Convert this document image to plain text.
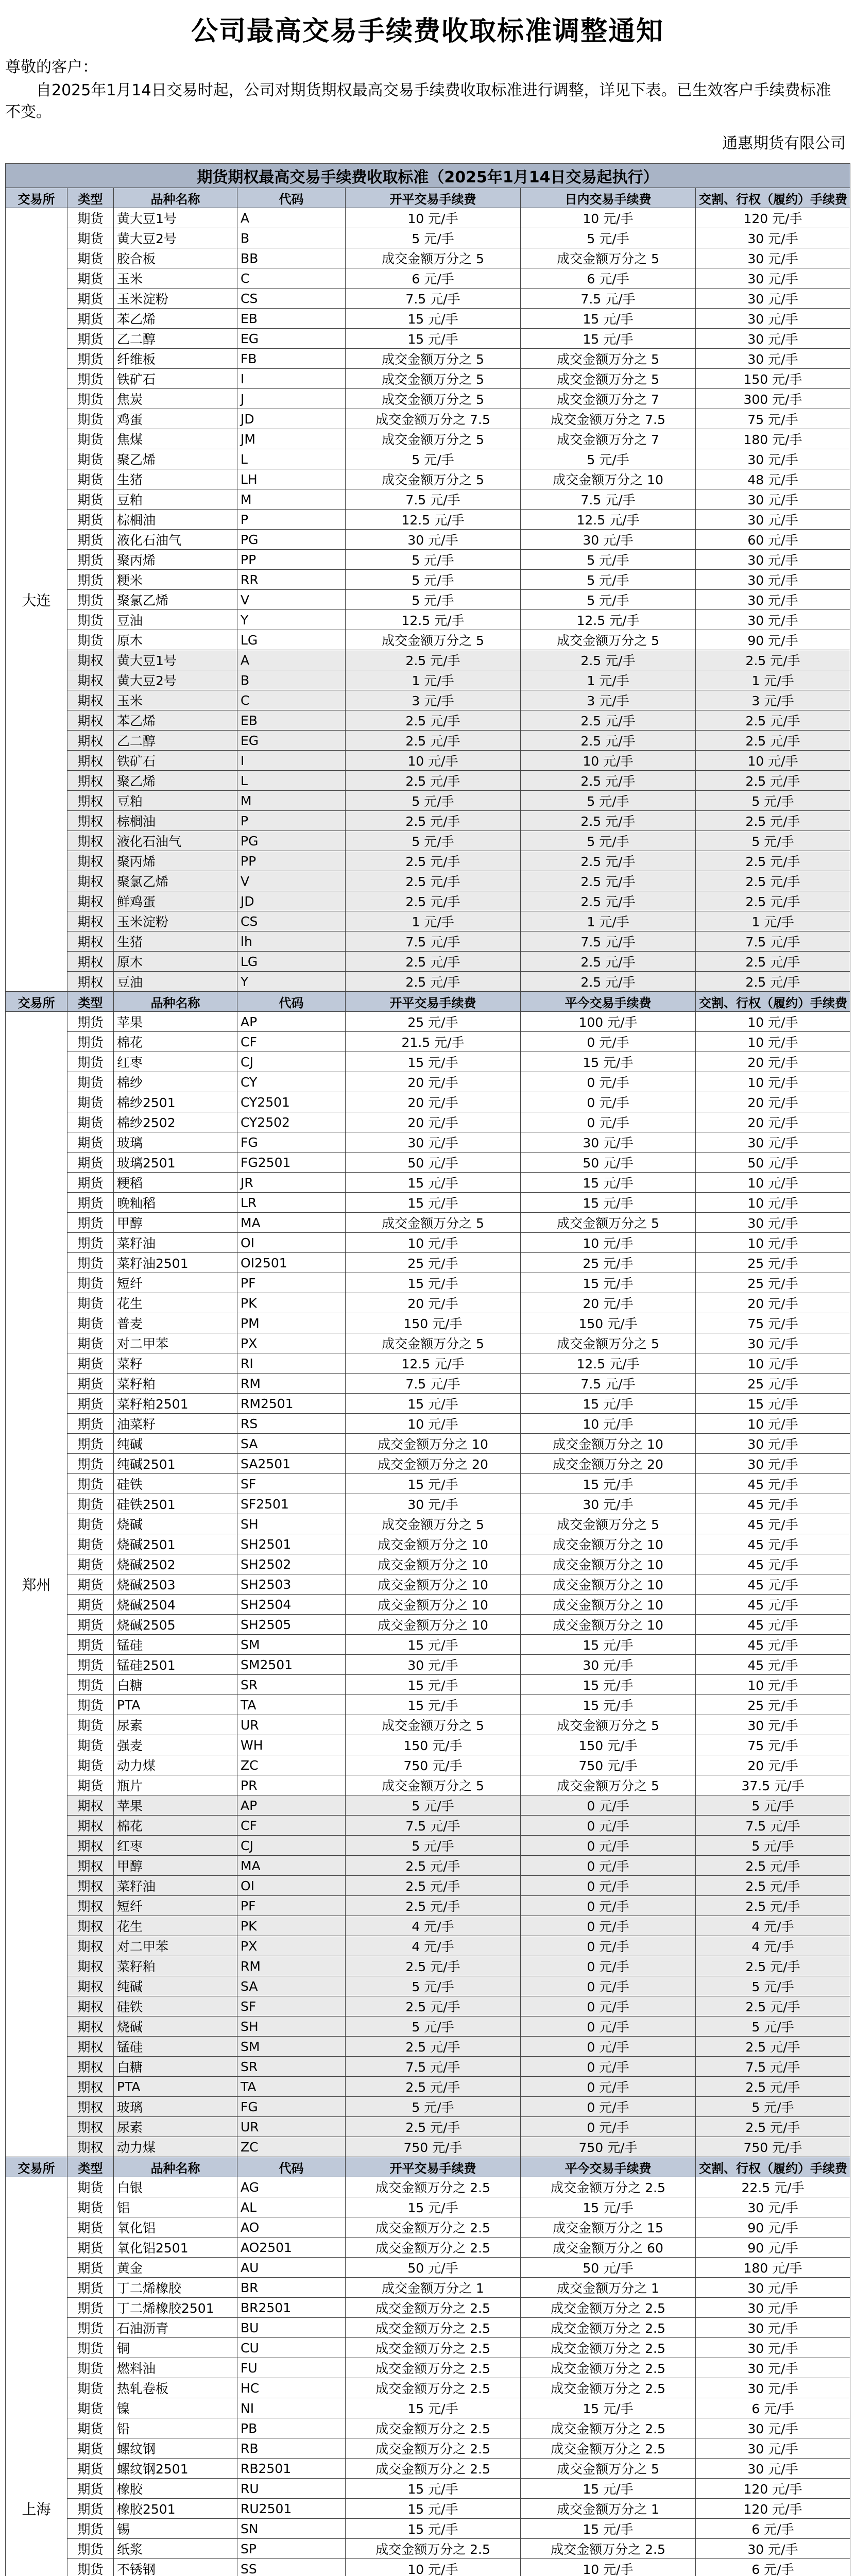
公司最高交易手续费收取标准调整通知
尊敬的客户：
自2025年1月14日交易时起，公司对期货期权最高交易手续费收取标准进行调整，详见下表。已生效客户手续费标准不变。
通惠期货有限公司
期货期权最高交易手续费收取标准（2025年1月14日交易起执行）						
交易所	类型	品种名称	代码	开平交易手续费	日内交易手续费	交割、行权（履约）手续费
大连	期货	黄大豆1号	A	10 元/手	10 元/手	120 元/手
	期货	黄大豆2号	B	5 元/手	5 元/手	30 元/手
	期货	胶合板	BB	成交金额万分之 5	成交金额万分之 5	30 元/手
	期货	玉米	C	6 元/手	6 元/手	30 元/手
	期货	玉米淀粉	CS	7.5 元/手	7.5 元/手	30 元/手
	期货	苯乙烯	EB	15 元/手	15 元/手	30 元/手
	期货	乙二醇	EG	15 元/手	15 元/手	30 元/手
	期货	纤维板	FB	成交金额万分之 5	成交金额万分之 5	30 元/手
	期货	铁矿石	I	成交金额万分之 5	成交金额万分之 5	150 元/手
	期货	焦炭	J	成交金额万分之 5	成交金额万分之 7	300 元/手
	期货	鸡蛋	JD	成交金额万分之 7.5	成交金额万分之 7.5	75 元/手
	期货	焦煤	JM	成交金额万分之 5	成交金额万分之 7	180 元/手
	期货	聚乙烯	L	5 元/手	5 元/手	30 元/手
	期货	生猪	LH	成交金额万分之 5	成交金额万分之 10	48 元/手
	期货	豆粕	M	7.5 元/手	7.5 元/手	30 元/手
	期货	棕榈油	P	12.5 元/手	12.5 元/手	30 元/手
	期货	液化石油气	PG	30 元/手	30 元/手	60 元/手
	期货	聚丙烯	PP	5 元/手	5 元/手	30 元/手
	期货	粳米	RR	5 元/手	5 元/手	30 元/手
	期货	聚氯乙烯	V	5 元/手	5 元/手	30 元/手
	期货	豆油	Y	12.5 元/手	12.5 元/手	30 元/手
	期货	原木	LG	成交金额万分之 5	成交金额万分之 5	90 元/手
	期权	黄大豆1号	A	2.5 元/手	2.5 元/手	2.5 元/手
	期权	黄大豆2号	B	1 元/手	1 元/手	1 元/手
	期权	玉米	C	3 元/手	3 元/手	3 元/手
	期权	苯乙烯	EB	2.5 元/手	2.5 元/手	2.5 元/手
	期权	乙二醇	EG	2.5 元/手	2.5 元/手	2.5 元/手
	期权	铁矿石	I	10 元/手	10 元/手	10 元/手
	期权	聚乙烯	L	2.5 元/手	2.5 元/手	2.5 元/手
	期权	豆粕	M	5 元/手	5 元/手	5 元/手
	期权	棕榈油	P	2.5 元/手	2.5 元/手	2.5 元/手
	期权	液化石油气	PG	5 元/手	5 元/手	5 元/手
	期权	聚丙烯	PP	2.5 元/手	2.5 元/手	2.5 元/手
	期权	聚氯乙烯	V	2.5 元/手	2.5 元/手	2.5 元/手
	期权	鲜鸡蛋	JD	2.5 元/手	2.5 元/手	2.5 元/手
	期权	玉米淀粉	CS	1 元/手	1 元/手	1 元/手
	期权	生猪	lh	7.5 元/手	7.5 元/手	7.5 元/手
	期权	原木	LG	2.5 元/手	2.5 元/手	2.5 元/手
	期权	豆油	Y	2.5 元/手	2.5 元/手	2.5 元/手
交易所	类型	品种名称	代码	开平交易手续费	平今交易手续费	交割、行权（履约）手续费
郑州	期货	苹果	AP	25 元/手	100 元/手	10 元/手
	期货	棉花	CF	21.5 元/手	0 元/手	10 元/手
	期货	红枣	CJ	15 元/手	15 元/手	20 元/手
	期货	棉纱	CY	20 元/手	0 元/手	10 元/手
	期货	棉纱2501	CY2501	20 元/手	0 元/手	20 元/手
	期货	棉纱2502	CY2502	20 元/手	0 元/手	20 元/手
	期货	玻璃	FG	30 元/手	30 元/手	30 元/手
	期货	玻璃2501	FG2501	50 元/手	50 元/手	50 元/手
	期货	粳稻	JR	15 元/手	15 元/手	10 元/手
	期货	晚籼稻	LR	15 元/手	15 元/手	10 元/手
	期货	甲醇	MA	成交金额万分之 5	成交金额万分之 5	30 元/手
	期货	菜籽油	OI	10 元/手	10 元/手	10 元/手
	期货	菜籽油2501	OI2501	25 元/手	25 元/手	25 元/手
	期货	短纤	PF	15 元/手	15 元/手	25 元/手
	期货	花生	PK	20 元/手	20 元/手	20 元/手
	期货	普麦	PM	150 元/手	150 元/手	75 元/手
	期货	对二甲苯	PX	成交金额万分之 5	成交金额万分之 5	30 元/手
	期货	菜籽	RI	12.5 元/手	12.5 元/手	10 元/手
	期货	菜籽粕	RM	7.5 元/手	7.5 元/手	25 元/手
	期货	菜籽粕2501	RM2501	15 元/手	15 元/手	15 元/手
	期货	油菜籽	RS	10 元/手	10 元/手	10 元/手
	期货	纯碱	SA	成交金额万分之 10	成交金额万分之 10	30 元/手
	期货	纯碱2501	SA2501	成交金额万分之 20	成交金额万分之 20	30 元/手
	期货	硅铁	SF	15 元/手	15 元/手	45 元/手
	期货	硅铁2501	SF2501	30 元/手	30 元/手	45 元/手
	期货	烧碱	SH	成交金额万分之 5	成交金额万分之 5	45 元/手
	期货	烧碱2501	SH2501	成交金额万分之 10	成交金额万分之 10	45 元/手
	期货	烧碱2502	SH2502	成交金额万分之 10	成交金额万分之 10	45 元/手
	期货	烧碱2503	SH2503	成交金额万分之 10	成交金额万分之 10	45 元/手
	期货	烧碱2504	SH2504	成交金额万分之 10	成交金额万分之 10	45 元/手
	期货	烧碱2505	SH2505	成交金额万分之 10	成交金额万分之 10	45 元/手
	期货	锰硅	SM	15 元/手	15 元/手	45 元/手
	期货	锰硅2501	SM2501	30 元/手	30 元/手	45 元/手
	期货	白糖	SR	15 元/手	15 元/手	10 元/手
	期货	PTA	TA	15 元/手	15 元/手	25 元/手
	期货	尿素	UR	成交金额万分之 5	成交金额万分之 5	30 元/手
	期货	强麦	WH	150 元/手	150 元/手	75 元/手
	期货	动力煤	ZC	750 元/手	750 元/手	20 元/手
	期货	瓶片	PR	成交金额万分之 5	成交金额万分之 5	37.5 元/手
	期权	苹果	AP	5 元/手	0 元/手	5 元/手
	期权	棉花	CF	7.5 元/手	0 元/手	7.5 元/手
	期权	红枣	CJ	5 元/手	0 元/手	5 元/手
	期权	甲醇	MA	2.5 元/手	0 元/手	2.5 元/手
	期权	菜籽油	OI	2.5 元/手	0 元/手	2.5 元/手
	期权	短纤	PF	2.5 元/手	0 元/手	2.5 元/手
	期权	花生	PK	4 元/手	0 元/手	4 元/手
	期权	对二甲苯	PX	4 元/手	0 元/手	4 元/手
	期权	菜籽粕	RM	2.5 元/手	0 元/手	2.5 元/手
	期权	纯碱	SA	5 元/手	0 元/手	5 元/手
	期权	硅铁	SF	2.5 元/手	0 元/手	2.5 元/手
	期权	烧碱	SH	5 元/手	0 元/手	5 元/手
	期权	锰硅	SM	2.5 元/手	0 元/手	2.5 元/手
	期权	白糖	SR	7.5 元/手	0 元/手	7.5 元/手
	期权	PTA	TA	2.5 元/手	0 元/手	2.5 元/手
	期权	玻璃	FG	5 元/手	0 元/手	5 元/手
	期权	尿素	UR	2.5 元/手	0 元/手	2.5 元/手
	期权	动力煤	ZC	750 元/手	750 元/手	750 元/手
交易所	类型	品种名称	代码	开平交易手续费	平今交易手续费	交割、行权（履约）手续费
上海	期货	白银	AG	成交金额万分之 2.5	成交金额万分之 2.5	22.5 元/手
	期货	铝	AL	15 元/手	15 元/手	30 元/手
	期货	氧化铝	AO	成交金额万分之 2.5	成交金额万分之 15	90 元/手
	期货	氧化铝2501	AO2501	成交金额万分之 2.5	成交金额万分之 60	90 元/手
	期货	黄金	AU	50 元/手	50 元/手	180 元/手
	期货	丁二烯橡胶	BR	成交金额万分之 1	成交金额万分之 1	30 元/手
	期货	丁二烯橡胶2501	BR2501	成交金额万分之 2.5	成交金额万分之 2.5	30 元/手
	期货	石油沥青	BU	成交金额万分之 2.5	成交金额万分之 2.5	30 元/手
	期货	铜	CU	成交金额万分之 2.5	成交金额万分之 2.5	30 元/手
	期货	燃料油	FU	成交金额万分之 2.5	成交金额万分之 2.5	30 元/手
	期货	热轧卷板	HC	成交金额万分之 2.5	成交金额万分之 2.5	30 元/手
	期货	镍	NI	15 元/手	15 元/手	6 元/手
	期货	铅	PB	成交金额万分之 2.5	成交金额万分之 2.5	30 元/手
	期货	螺纹钢	RB	成交金额万分之 2.5	成交金额万分之 2.5	30 元/手
	期货	螺纹钢2501	RB2501	成交金额万分之 2.5	成交金额万分之 5	30 元/手
	期货	橡胶	RU	15 元/手	15 元/手	120 元/手
	期货	橡胶2501	RU2501	15 元/手	成交金额万分之 1	120 元/手
	期货	锡	SN	15 元/手	15 元/手	6 元/手
	期货	纸浆	SP	成交金额万分之 2.5	成交金额万分之 2.5	30 元/手
	期货	不锈钢	SS	10 元/手	10 元/手	6 元/手
